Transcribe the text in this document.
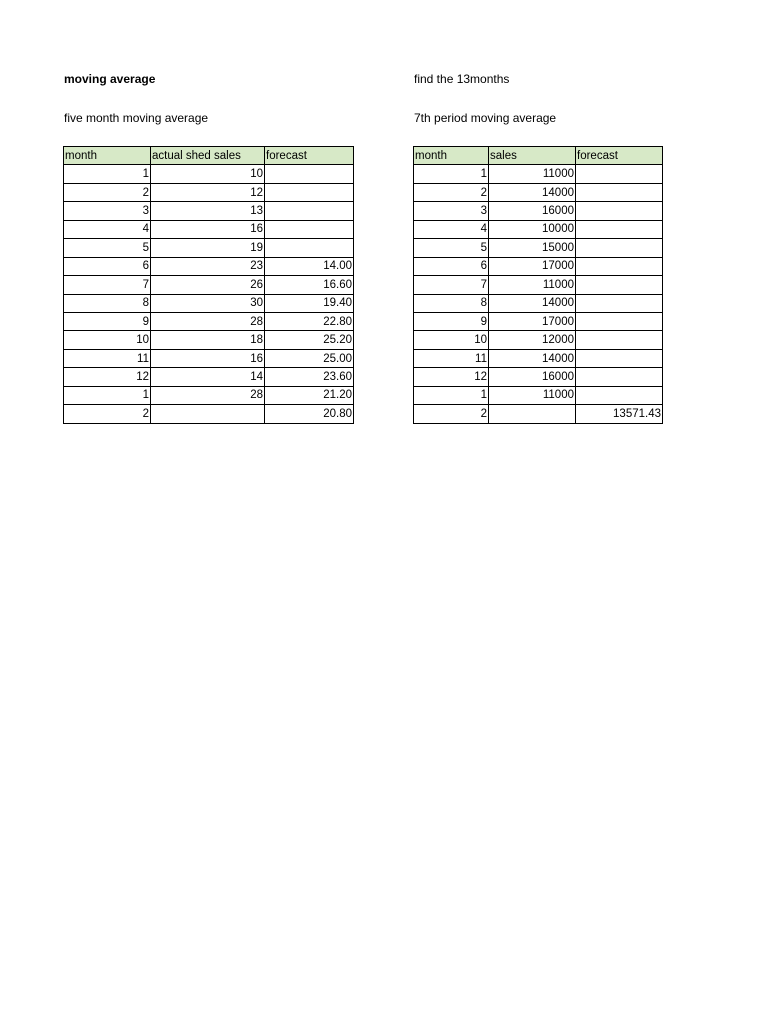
moving average
five month moving average
find the 13months
7th period moving average
month	actual shed sales	forecast
1	10	
2	12	
3	13	
4	16	
5	19	
6	23	14.00
7	26	16.60
8	30	19.40
9	28	22.80
10	18	25.20
11	16	25.00
12	14	23.60
1	28	21.20
2		20.80
month	sales	forecast
1	11000	
2	14000	
3	16000	
4	10000	
5	15000	
6	17000	
7	11000	
8	14000	
9	17000	
10	12000	
11	14000	
12	16000	
1	11000	
2		13571.43
